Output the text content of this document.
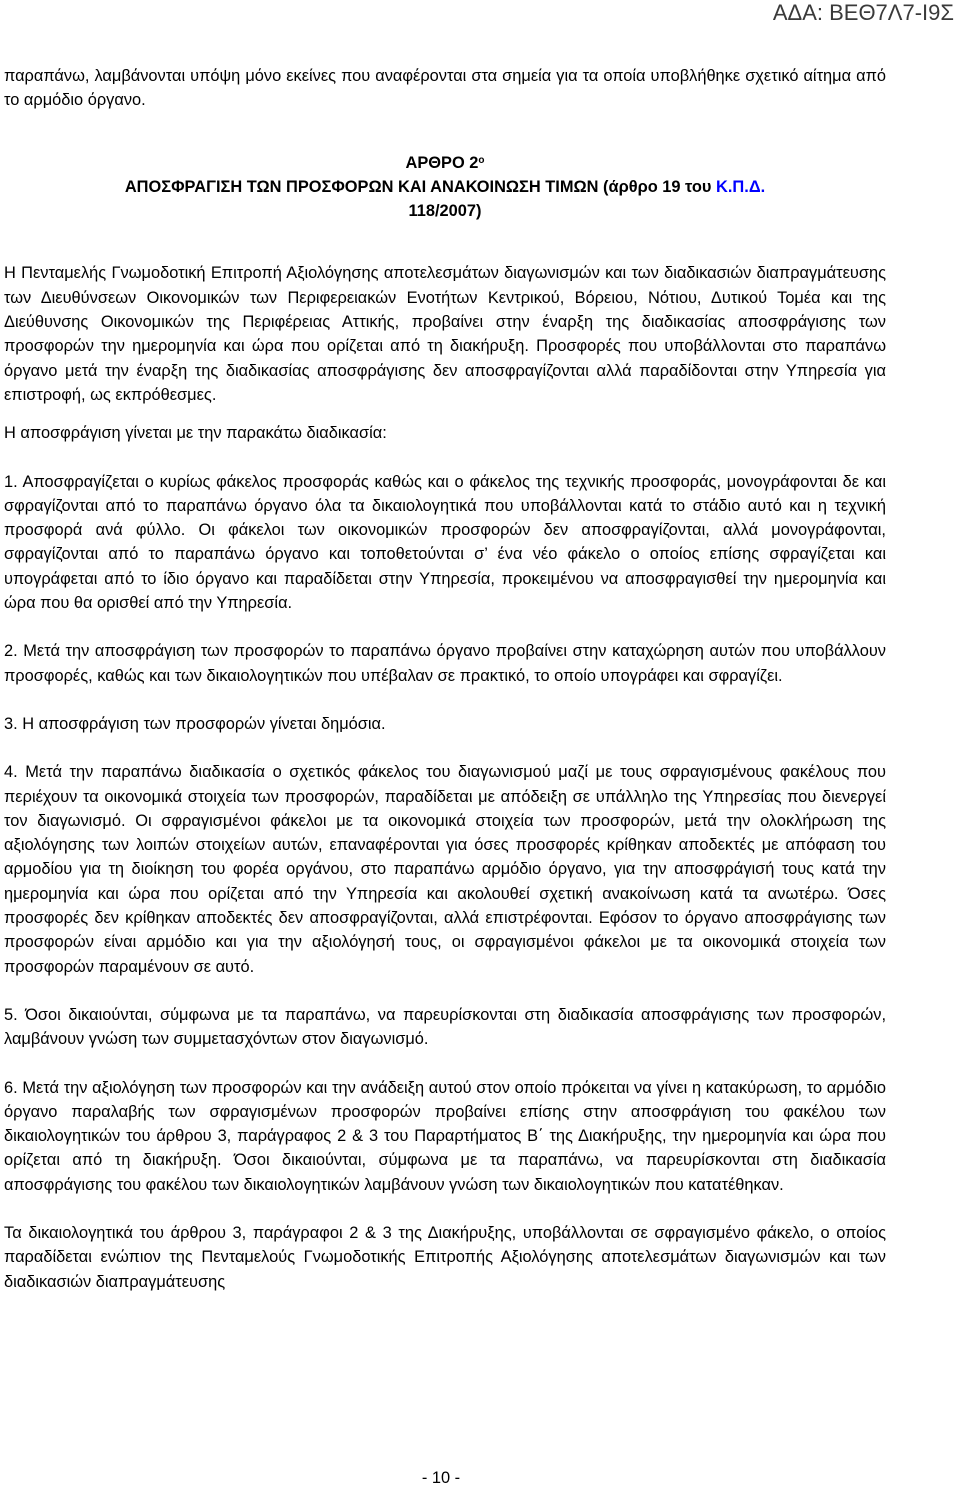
ΑΔΑ: ΒΕΘ7Λ7-Ι9Σ

παραπάνω, λαμβάνονται υπόψη μόνο εκείνες που αναφέρονται στα σημεία για τα οποία υποβλήθηκε σχετικό αίτημα από το αρμόδιο όργανο.

ΑΡΘΡΟ $2^o$
ΑΠΟΣΦΡΑΓΙΣΗ ΤΩΝ ΠΡΟΣΦΟΡΩΝ ΚΑΙ ΑΝΑΚΟΙΝΩΣΗ ΤΙΜΩΝ (άρθρο 19 του Κ.Π.Δ.
118/2007)

Η Πενταμελής Γνωμοδοτική Επιτροπή Αξιολόγησης αποτελεσμάτων διαγωνισμών και των διαδικασιών διαπραγμάτευσης των Διευθύνσεων Οικονομικών των Περιφερειακών Ενοτήτων Κεντρικού, Βόρειου, Νότιου, Δυτικού Τομέα και της Διεύθυνσης Οικονομικών της Περιφέρειας Αττικής, προβαίνει στην έναρξη της διαδικασίας αποσφράγισης των προσφορών την ημερομηνία και ώρα που ορίζεται από τη διακήρυξη. Προσφορές που υποβάλλονται στο παραπάνω όργανο μετά την έναρξη της διαδικασίας αποσφράγισης δεν αποσφραγίζονται αλλά παραδίδονται στην Υπηρεσία για επιστροφή, ως εκπρόθεσμες.

Η αποσφράγιση γίνεται με την παρακάτω διαδικασία:

1. Αποσφραγίζεται ο κυρίως φάκελος προσφοράς καθώς και ο φάκελος της τεχνικής προσφοράς, μονογράφονται δε και σφραγίζονται από το παραπάνω όργανο όλα τα δικαιολογητικά που υποβάλλονται κατά το στάδιο αυτό και η τεχνική προσφορά ανά φύλλο. Οι φάκελοι των οικονομικών προσφορών δεν αποσφραγίζονται, αλλά μονογράφονται, σφραγίζονται από το παραπάνω όργανο και τοποθετούνται σ’ ένα νέο φάκελο ο οποίος επίσης σφραγίζεται και υπογράφεται από το ίδιο όργανο και παραδίδεται στην Υπηρεσία, προκειμένου να αποσφραγισθεί την ημερομηνία και ώρα που θα ορισθεί από την Υπηρεσία.

2. Μετά την αποσφράγιση των προσφορών το παραπάνω όργανο προβαίνει στην καταχώρηση αυτών που υποβάλλουν προσφορές, καθώς και των δικαιολογητικών που υπέβαλαν σε πρακτικό, το οποίο υπογράφει και σφραγίζει.

3. Η αποσφράγιση των προσφορών γίνεται δημόσια.

4. Μετά την παραπάνω διαδικασία ο σχετικός φάκελος του διαγωνισμού μαζί με τους σφραγισμένους φακέλους που περιέχουν τα οικονομικά στοιχεία των προσφορών, παραδίδεται με απόδειξη σε υπάλληλο της Υπηρεσίας που διενεργεί τον διαγωνισμό. Οι σφραγισμένοι φάκελοι με τα οικονομικά στοιχεία των προσφορών, μετά την ολοκλήρωση της αξιολόγησης των λοιπών στοιχείων αυτών, επαναφέρονται για όσες προσφορές κρίθηκαν αποδεκτές με απόφαση του αρμοδίου για τη διοίκηση του φορέα οργάνου, στο παραπάνω αρμόδιο όργανο, για την αποσφράγισή τους κατά την ημερομηνία και ώρα που ορίζεται από την Υπηρεσία και ακολουθεί σχετική ανακοίνωση κατά τα ανωτέρω. Όσες προσφορές δεν κρίθηκαν αποδεκτές δεν αποσφραγίζονται, αλλά επιστρέφονται. Εφόσον το όργανο αποσφράγισης των προσφορών είναι αρμόδιο και για την αξιολόγησή τους, οι σφραγισμένοι φάκελοι με τα οικονομικά στοιχεία των προσφορών παραμένουν σε αυτό.

5. Όσοι δικαιούνται, σύμφωνα με τα παραπάνω, να παρευρίσκονται στη διαδικασία αποσφράγισης των προσφορών, λαμβάνουν γνώση των συμμετασχόντων στον διαγωνισμό.

6. Μετά την αξιολόγηση των προσφορών και την ανάδειξη αυτού στον οποίο πρόκειται να γίνει η κατακύρωση, το αρμόδιο όργανο παραλαβής των σφραγισμένων προσφορών προβαίνει επίσης στην αποσφράγιση του φακέλου των δικαιολογητικών του άρθρου 3, παράγραφος 2 & 3 του Παραρτήματος Β΄ της Διακήρυξης, την ημερομηνία και ώρα που ορίζεται από τη διακήρυξη. Όσοι δικαιούνται, σύμφωνα με τα παραπάνω, να παρευρίσκονται στη διαδικασία αποσφράγισης του φακέλου των δικαιολογητικών λαμβάνουν γνώση των δικαιολογητικών που κατατέθηκαν.

Τα δικαιολογητικά του άρθρου 3, παράγραφοι 2 & 3 της Διακήρυξης, υποβάλλονται σε σφραγισμένο φάκελο, ο οποίος παραδίδεται ενώπιον της Πενταμελούς Γνωμοδοτικής Επιτροπής Αξιολόγησης αποτελεσμάτων διαγωνισμών και των διαδικασιών διαπραγμάτευσης

- 10 -
